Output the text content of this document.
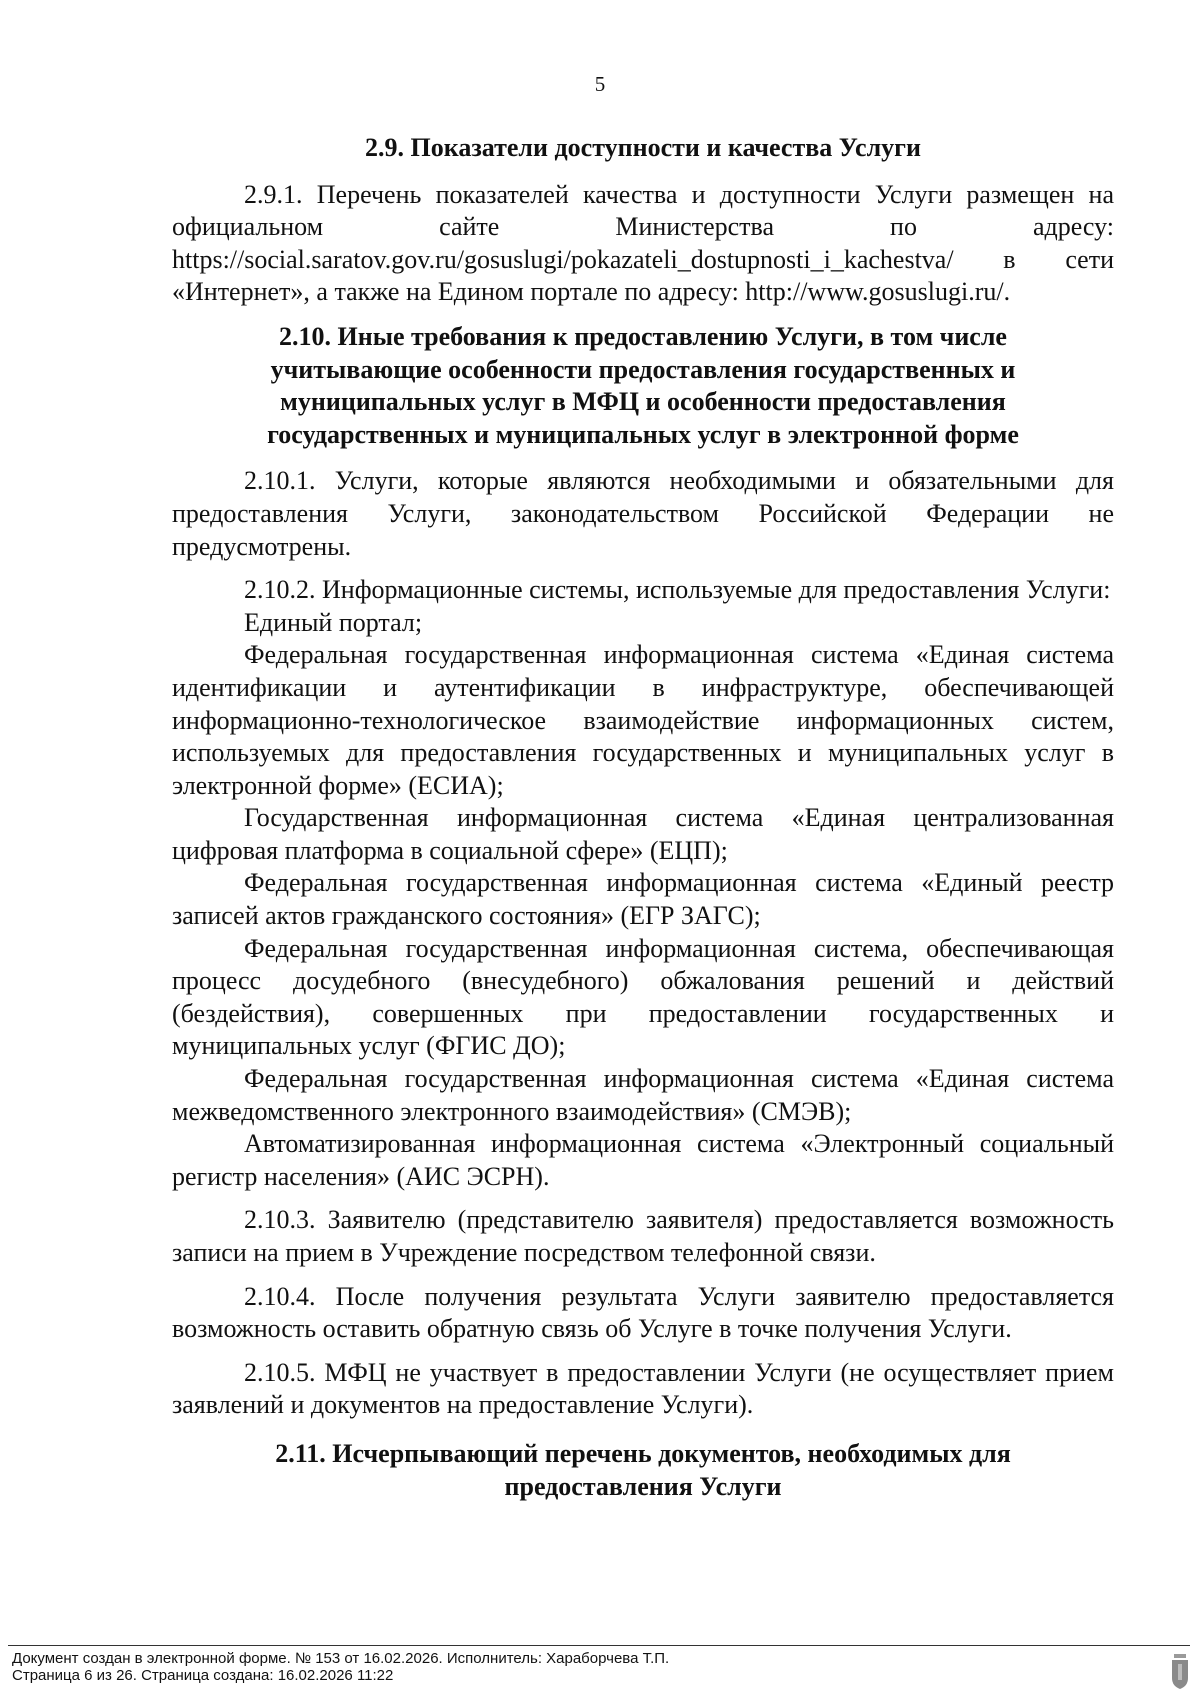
5
2.9. Показатели доступности и качества Услуги

2.9.1. Перечень показателей качества и доступности Услуги размещен на официальном сайте Министерства по адресу: https://social.saratov.gov.ru/gosuslugi/pokazateli_dostupnosti_i_kachestva/ в сети «Интернет», а также на Едином портале по адресу: http://www.gosuslugi.ru/.

2.10. Иные требования к предоставлению Услуги, в том числе учитывающие особенности предоставления государственных и муниципальных услуг в МФЦ и особенности предоставления государственных и муниципальных услуг в электронной форме

2.10.1. Услуги, которые являются необходимыми и обязательными для предоставления Услуги, законодательством Российской Федерации не предусмотрены.

2.10.2. Информационные системы, используемые для предоставления Услуги:

Единый портал;

Федеральная государственная информационная система «Единая система идентификации и аутентификации в инфраструктуре, обеспечивающей информационно-технологическое взаимодействие информационных систем, используемых для предоставления государственных и муниципальных услуг в электронной форме» (ЕСИА);

Государственная информационная система «Единая централизованная цифровая платформа в социальной сфере» (ЕЦП);

Федеральная государственная информационная система «Единый реестр записей актов гражданского состояния» (ЕГР ЗАГС);

Федеральная государственная информационная система, обеспечивающая процесс досудебного (внесудебного) обжалования решений и действий (бездействия), совершенных при предоставлении государственных и муниципальных услуг (ФГИС ДО);

Федеральная государственная информационная система «Единая система межведомственного электронного взаимодействия» (СМЭВ);

Автоматизированная информационная система «Электронный социальный регистр населения» (АИС ЭСРН).

2.10.3. Заявителю (представителю заявителя) предоставляется возможность записи на прием в Учреждение посредством телефонной связи.

2.10.4. После получения результата Услуги заявителю предоставляется возможность оставить обратную связь об Услуге в точке получения Услуги.

2.10.5. МФЦ не участвует в предоставлении Услуги (не осуществляет прием заявлений и документов на предоставление Услуги).

2.11. Исчерпывающий перечень документов, необходимых для предоставления Услуги
Документ создан в электронной форме. № 153 от 16.02.2026. Исполнитель: Харaборчева Т.П.
Страница 6 из 26. Страница создана: 16.02.2026 11:22
